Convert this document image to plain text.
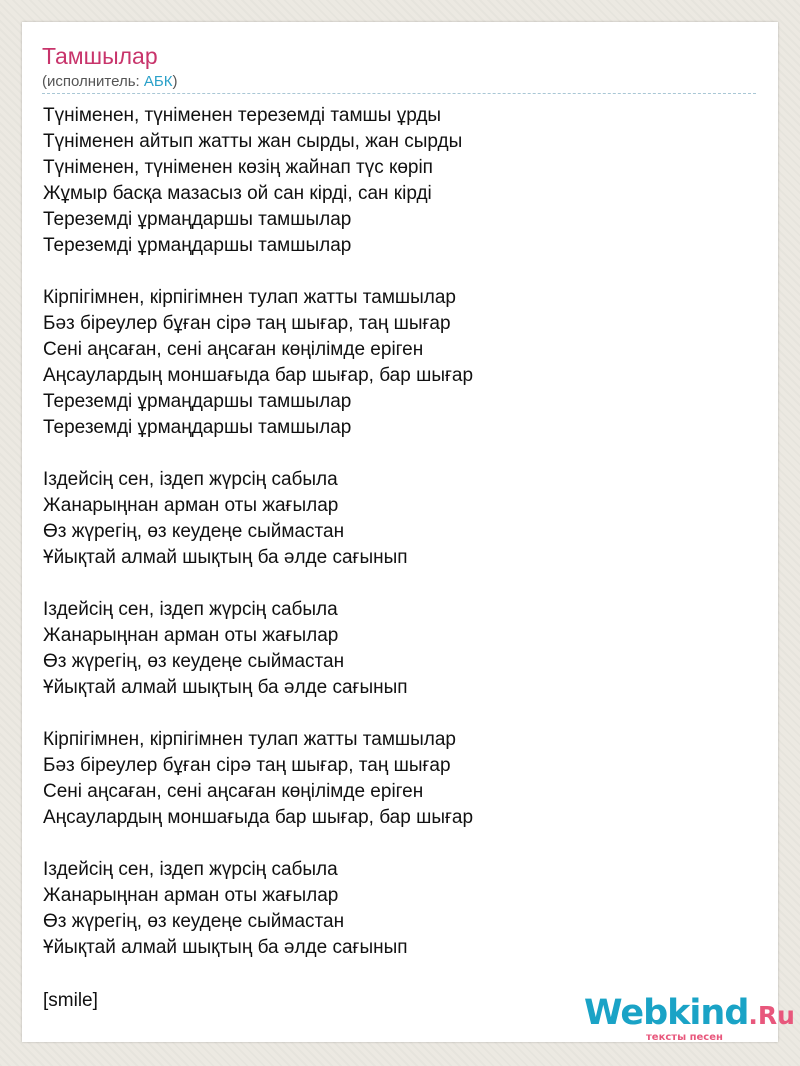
Тамшылар
(исполнитель: АБК)
Түніменен, түніменен тереземді тамшы ұрды
Түніменен айтып жатты жан сырды, жан сырды
Түніменен, түніменен көзің жайнап түс көріп
Жұмыр басқа мазасыз ой сан кірді, сан кірді
Тереземді ұрмаңдаршы тамшылар
Тереземді ұрмаңдаршы тамшылар
Кірпігімнен, кірпігімнен тулап жатты тамшылар
Бәз біреулер бұған сірә таң шығар, таң шығар
Сені аңсаған, сені аңсаған көңілімде еріген
Аңсаулардың моншағыда бар шығар, бар шығар
Тереземді ұрмаңдаршы тамшылар
Тереземді ұрмаңдаршы тамшылар
Іздейсің сен, іздеп жүрсің сабыла
Жанарыңнан арман оты жағылар
Өз жүрегің, өз кеудеңе сыймастан
Ұйықтай алмай шықтың ба әлде сағынып
Іздейсің сен, іздеп жүрсің сабыла
Жанарыңнан арман оты жағылар
Өз жүрегің, өз кеудеңе сыймастан
Ұйықтай алмай шықтың ба әлде сағынып
Кірпігімнен, кірпігімнен тулап жатты тамшылар
Бәз біреулер бұған сірә таң шығар, таң шығар
Сені аңсаған, сені аңсаған көңілімде еріген
Аңсаулардың моншағыда бар шығар, бар шығар
Іздейсің сен, іздеп жүрсің сабыла
Жанарыңнан арман оты жағылар
Өз жүрегің, өз кеудеңе сыймастан
Ұйықтай алмай шықтың ба әлде сағынып
[smile]	Webkind.Ru
тексты песен
